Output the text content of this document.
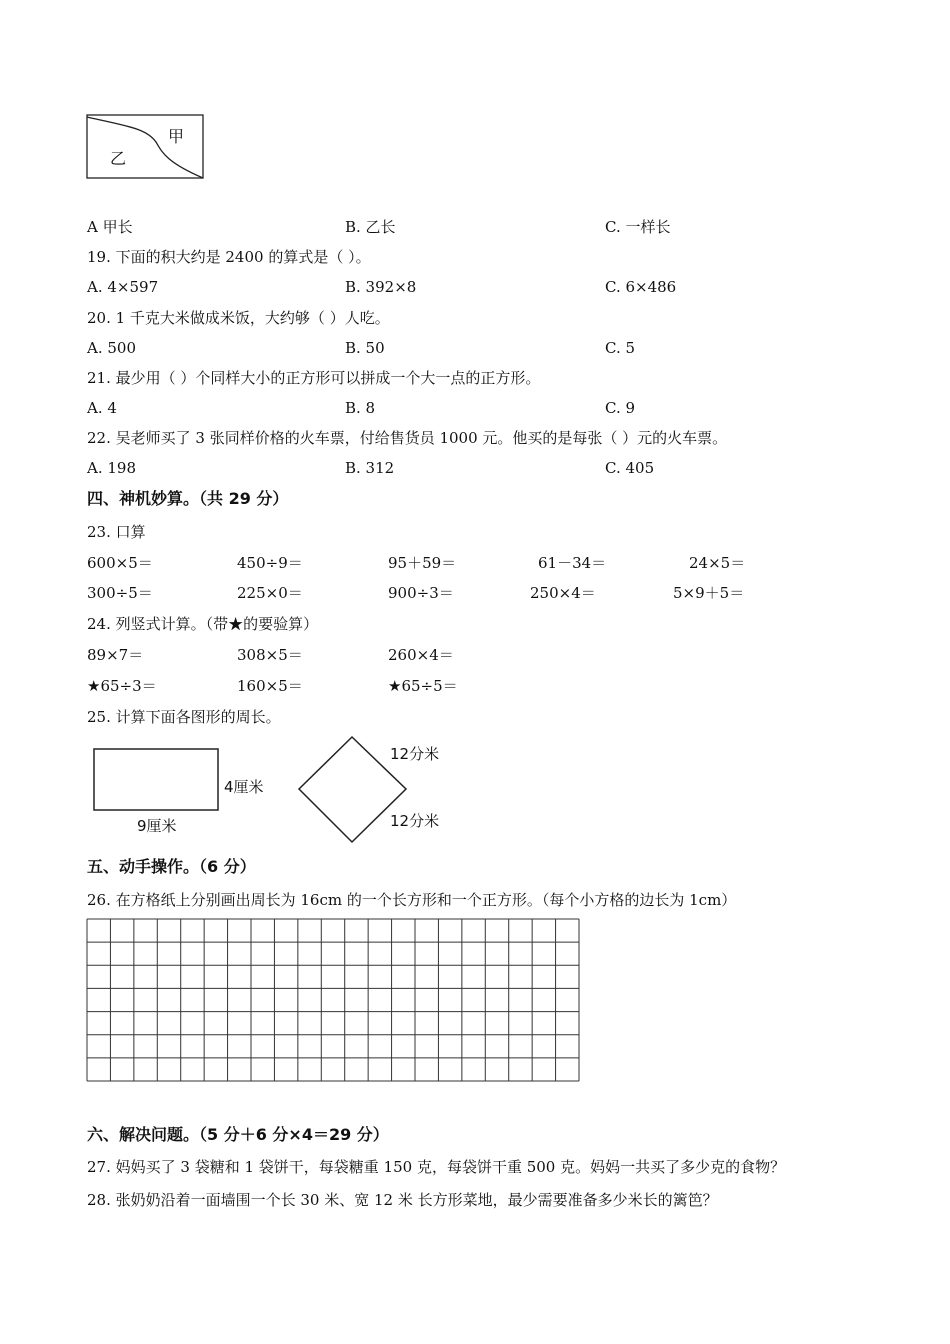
甲
乙
A 甲长	B. 乙长	C. 一样长
19. 下面的积大约是 2400 的算式是（ ）。
A. 4×597	B. 392×8	C. 6×486
20. 1 千克大米做成米饭，大约够（ ）人吃。
A. 500	B. 50	C. 5
21. 最少用（ ）个同样大小的正方形可以拼成一个大一点的正方形。
A. 4	B. 8	C. 9
22. 吴老师买了 3 张同样价格的火车票，付给售货员 1000 元。他买的是每张（ ）元的火车票。
A. 198	B. 312	C. 405
四、神机妙算。（共 29 分）
23. 口算
600×5＝	450÷9＝	95＋59＝	61－34＝	24×5＝
300÷5＝	225×0＝	900÷3＝	250×4＝	5×9＋5＝
24. 列竖式计算。（带★的要验算）
89×7＝	308×5＝	260×4＝
★65÷3＝	160×5＝	★65÷5＝
25. 计算下面各图形的周长。
4厘米
9厘米
12分米
12分米
五、动手操作。（6 分）
26. 在方格纸上分别画出周长为 16cm 的一个长方形和一个正方形。（每个小方格的边长为 1cm）
六、解决问题。（5 分＋6 分×4＝29 分）
27. 妈妈买了 3 袋糖和 1 袋饼干，每袋糖重 150 克，每袋饼干重 500 克。妈妈一共买了多少克的食物？
28. 张奶奶沿着一面墙围一个长 30 米、宽 12 米 长方形菜地，最少需要准备多少米长的篱笆？
